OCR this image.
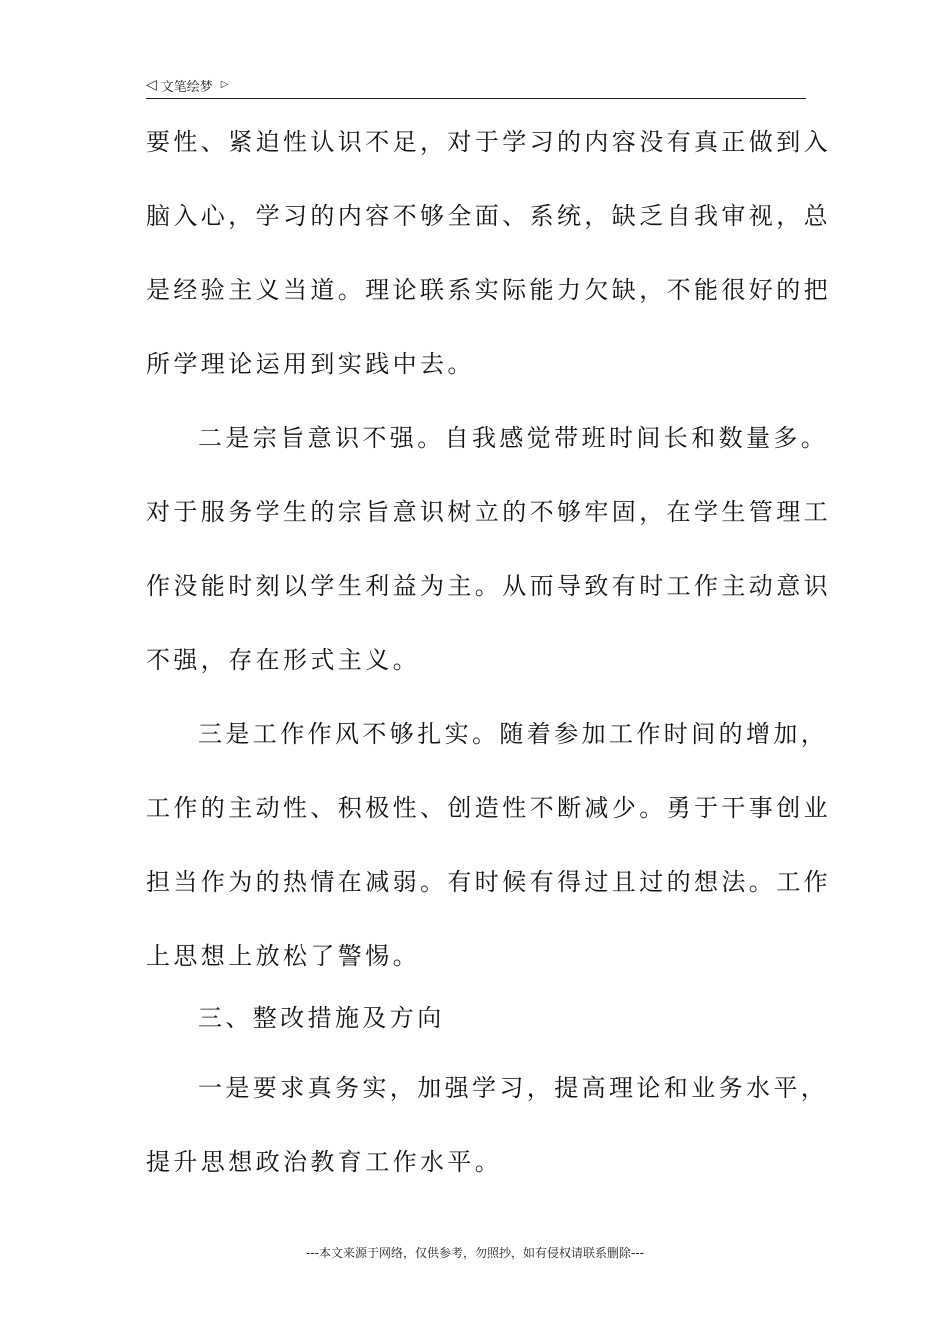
◁ 文笔绘梦 ▷
要性、紧迫性认识不足，对于学习的内容没有真正做到入
脑入心，学习的内容不够全面、系统，缺乏自我审视，总
是经验主义当道。理论联系实际能力欠缺，不能很好的把
所学理论运用到实践中去。
二是宗旨意识不强。自我感觉带班时间长和数量多。
对于服务学生的宗旨意识树立的不够牢固，在学生管理工
作没能时刻以学生利益为主。从而导致有时工作主动意识
不强，存在形式主义。
三是工作作风不够扎实。随着参加工作时间的增加，
工作的主动性、积极性、创造性不断减少。勇于干事创业
担当作为的热情在减弱。有时候有得过且过的想法。工作
上思想上放松了警惕。
三、整改措施及方向
一是要求真务实，加强学习，提高理论和业务水平，
提升思想政治教育工作水平。
---本文来源于网络，仅供参考，勿照抄，如有侵权请联系删除---
